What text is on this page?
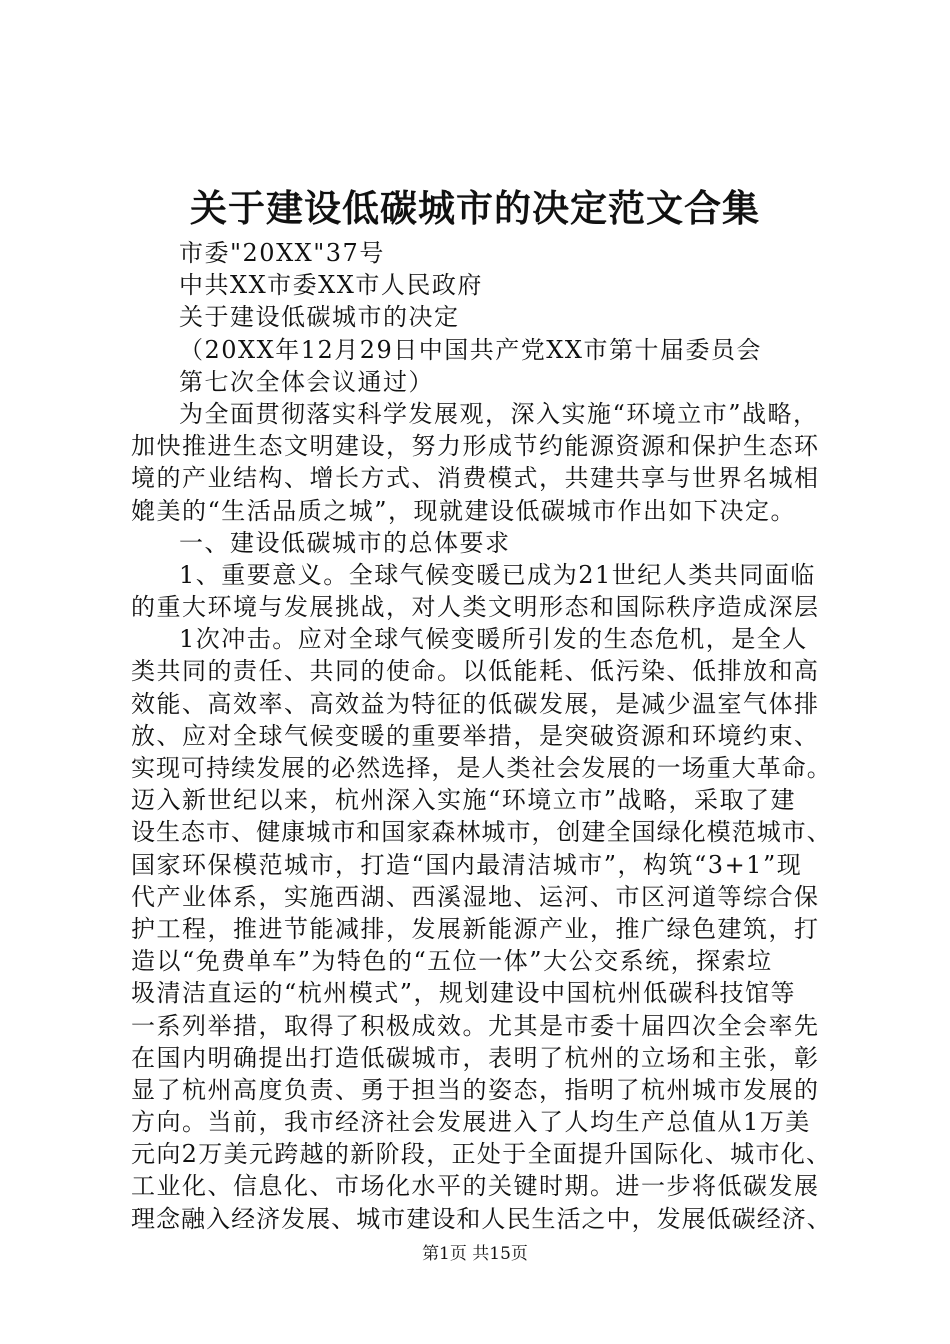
关于建设低碳城市的决定范文合集
市委"20XX"37号
中共XX市委XX市人民政府
关于建设低碳城市的决定
（20XX年12月29日中国共产党XX市第十届委员会
第七次全体会议通过）
为全面贯彻落实科学发展观，深入实施“环境立市”战略，
加快推进生态文明建设，努力形成节约能源资源和保护生态环
境的产业结构、增长方式、消费模式，共建共享与世界名城相
媲美的“生活品质之城”，现就建设低碳城市作出如下决定。
一、建设低碳城市的总体要求
1、重要意义。全球气候变暖已成为21世纪人类共同面临
的重大环境与发展挑战，对人类文明形态和国际秩序造成深层
1次冲击。应对全球气候变暖所引发的生态危机，是全人
类共同的责任、共同的使命。以低能耗、低污染、低排放和高
效能、高效率、高效益为特征的低碳发展，是减少温室气体排
放、应对全球气候变暖的重要举措，是突破资源和环境约束、
实现可持续发展的必然选择，是人类社会发展的一场重大革命。
迈入新世纪以来，杭州深入实施“环境立市”战略，采取了建
设生态市、健康城市和国家森林城市，创建全国绿化模范城市、
国家环保模范城市，打造“国内最清洁城市”，构筑“3+1”现
代产业体系，实施西湖、西溪湿地、运河、市区河道等综合保
护工程，推进节能减排，发展新能源产业，推广绿色建筑，打
造以“免费单车”为特色的“五位一体”大公交系统，探索垃
圾清洁直运的“杭州模式”，规划建设中国杭州低碳科技馆等
一系列举措，取得了积极成效。尤其是市委十届四次全会率先
在国内明确提出打造低碳城市，表明了杭州的立场和主张，彰
显了杭州高度负责、勇于担当的姿态，指明了杭州城市发展的
方向。当前，我市经济社会发展进入了人均生产总值从1万美
元向2万美元跨越的新阶段，正处于全面提升国际化、城市化、
工业化、信息化、市场化水平的关键时期。进一步将低碳发展
理念融入经济发展、城市建设和人民生活之中，发展低碳经济、
第1页 共15页
